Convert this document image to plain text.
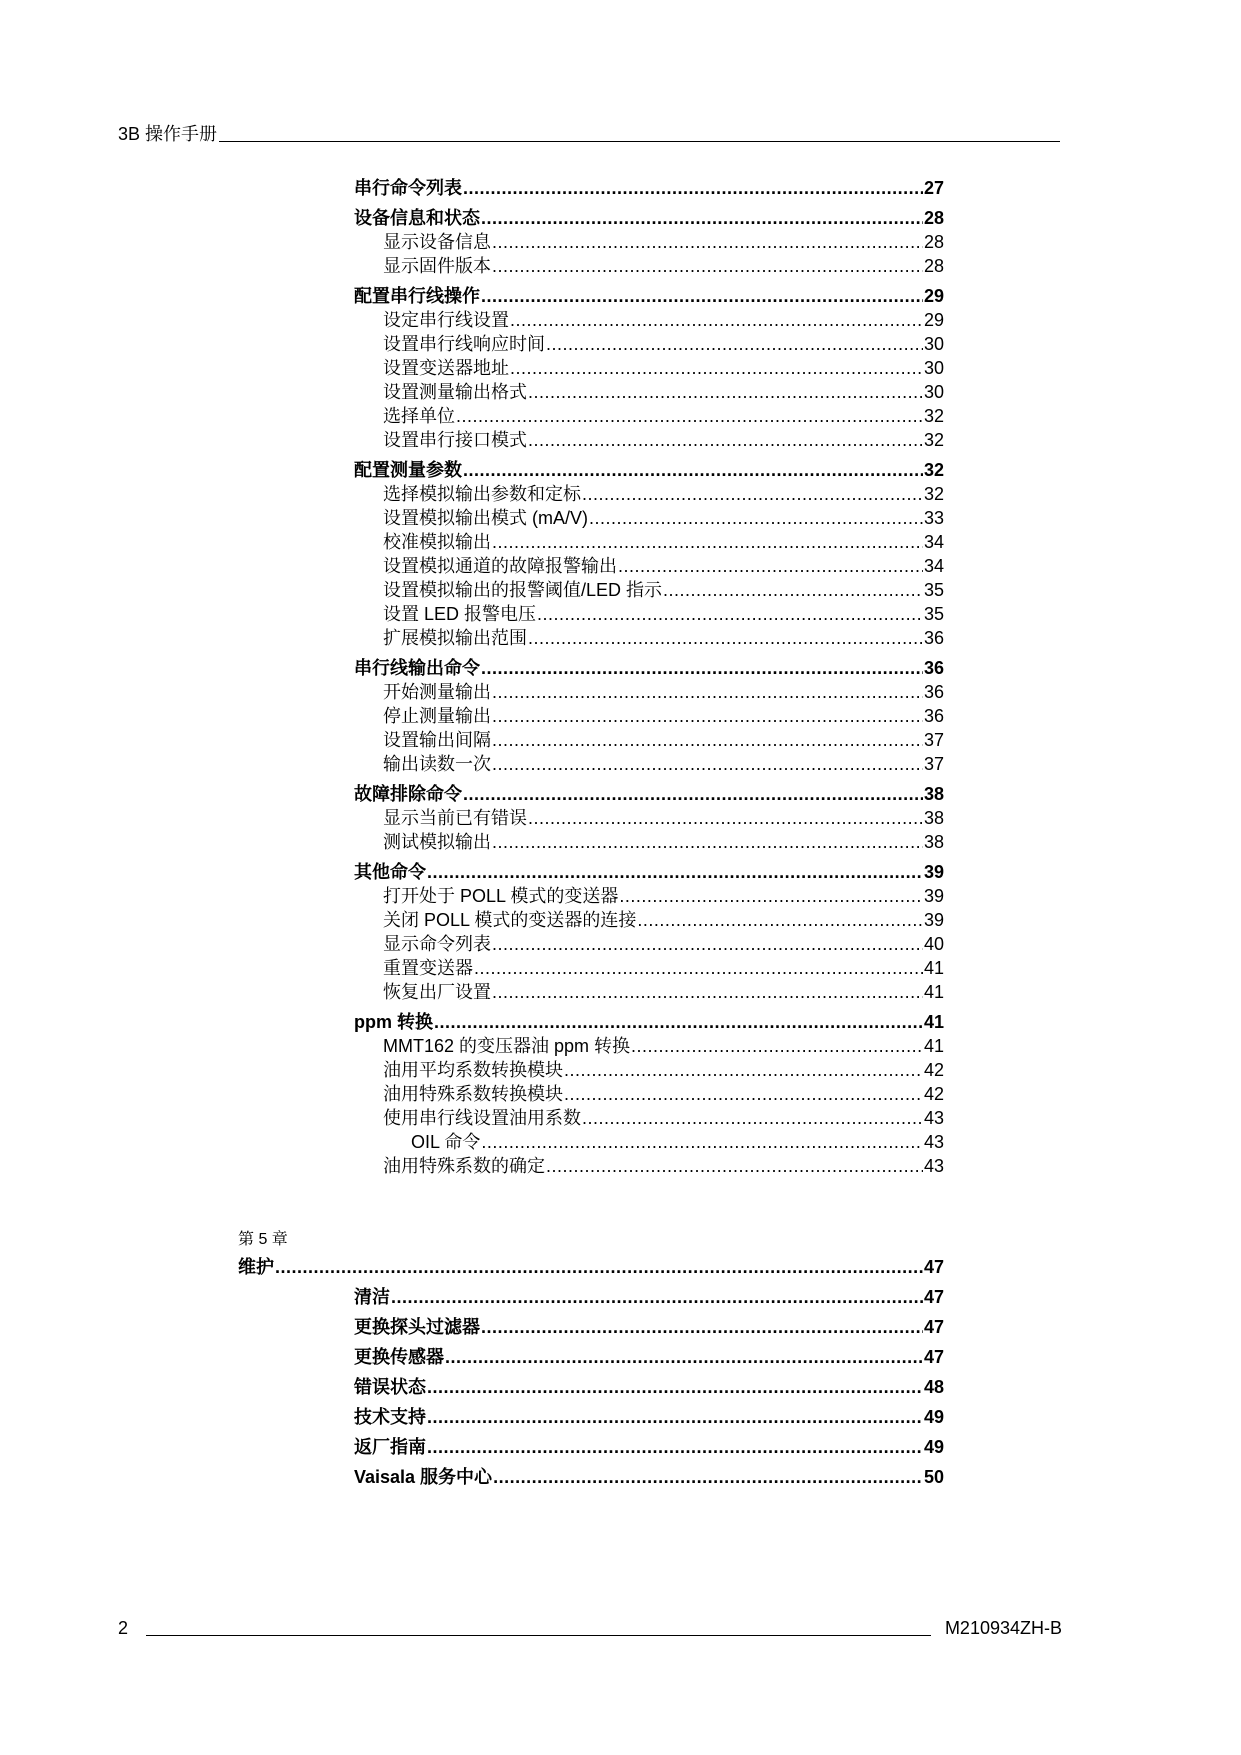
3B 操作手册
串行命令列表 .....	27
设备信息和状态 .....	28
显示设备信息 .....	28
显示固件版本 .....	28
配置串行线操作 .....	29
设定串行线设置 .....	29
设置串行线响应时间 .....	30
设置变送器地址 .....	30
设置测量输出格式 .....	30
选择单位 .....	32
设置串行接口模式 .....	32
配置测量参数 .....	32
选择模拟输出参数和定标 .....	32
设置模拟输出模式 (mA/V) .....	33
校准模拟输出 .....	34
设置模拟通道的故障报警输出 .....	34
设置模拟输出的报警阈值/LED 指示 .....	35
设置 LED 报警电压 .....	35
扩展模拟输出范围 .....	36
串行线输出命令 .....	36
开始测量输出 .....	36
停止测量输出 .....	36
设置输出间隔 .....	37
输出读数一次 .....	37
故障排除命令 .....	38
显示当前已有错误 .....	38
测试模拟输出 .....	38
其他命令 .....	39
打开处于 POLL 模式的变送器 .....	39
关闭 POLL 模式的变送器的连接 .....	39
显示命令列表 .....	40
重置变送器 .....	41
恢复出厂设置 .....	41
ppm 转换 .....	41
MMT162 的变压器油 ppm 转换 .....	41
油用平均系数转换模块 .....	42
油用特殊系数转换模块 .....	42
使用串行线设置油用系数 .....	43
OIL 命令 .....	43
油用特殊系数的确定 .....	43
维护 .....	47
清洁 .....	47
更换探头过滤器 .....	47
更换传感器 .....	47
错误状态 .....	48
技术支持 .....	49
返厂指南 .....	49
Vaisala 服务中心 .....	50
第 5 章
2	M210934ZH-B
